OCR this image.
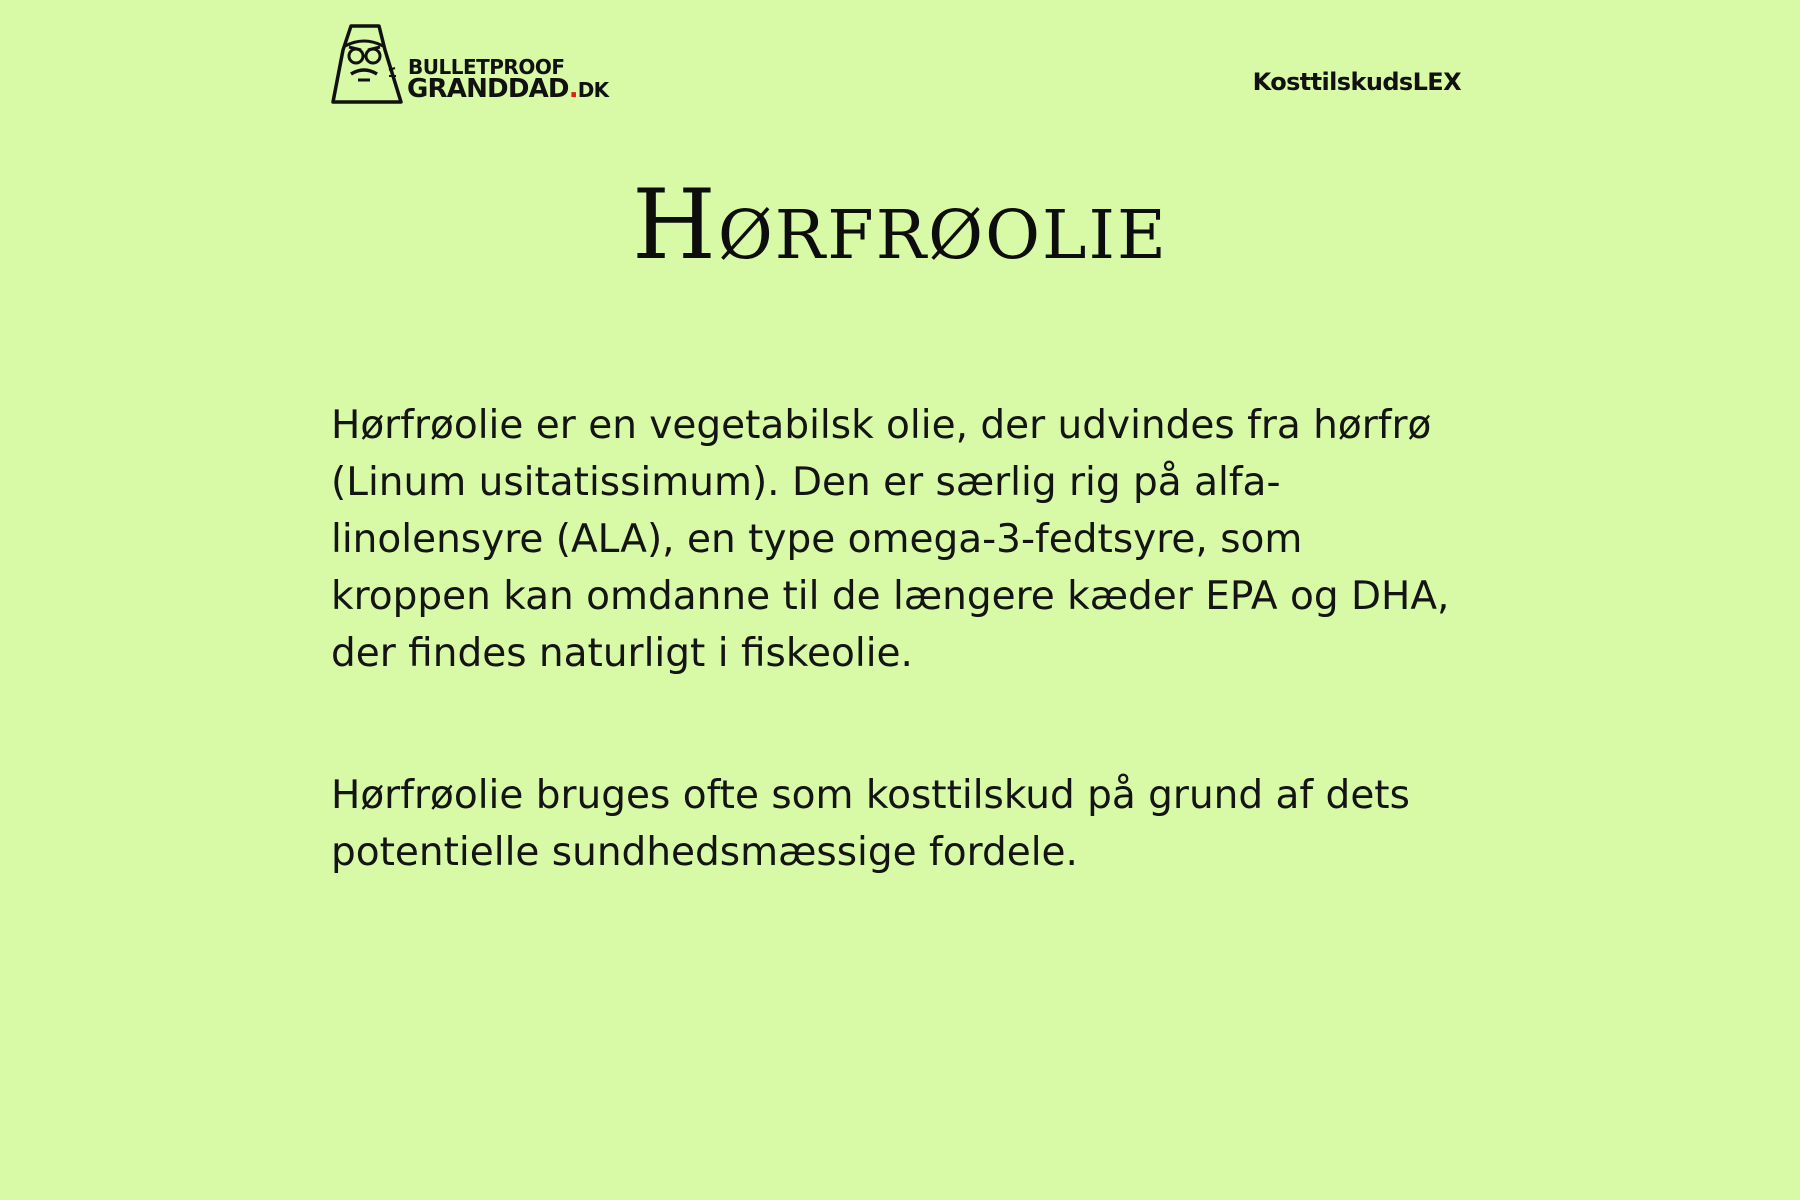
BULLETPROOF
GRANDDAD.DK	KosttilskudsLEX
Hørfrøolie

Hørfrøolie er en vegetabilsk olie, der udvindes fra hørfrø (Linum usitatissimum). Den er særlig rig på alfa-linolensyre (ALA), en type omega-3-fedtsyre, som kroppen kan omdanne til de længere kæder EPA og DHA, der findes naturligt i fiskeolie.

Hørfrøolie bruges ofte som kosttilskud på grund af dets potentielle sundhedsmæssige fordele.
